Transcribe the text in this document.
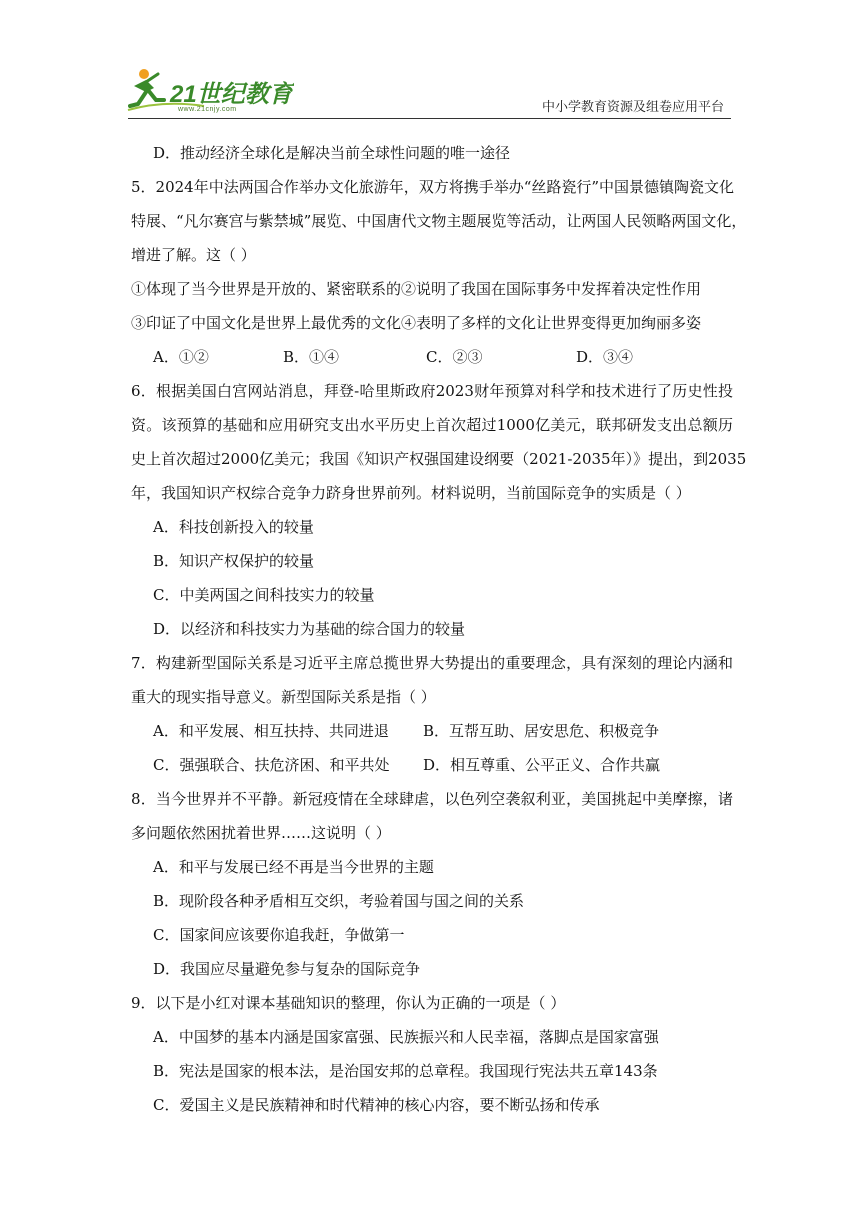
21世纪教育
www.21cnjy.com	中小学教育资源及组卷应用平台
D．推动经济全球化是解决当前全球性问题的唯一途径
5．2024年中法两国合作举办文化旅游年，双方将携手举办“丝路瓷行”中国景德镇陶瓷文化
特展、“凡尔赛宫与紫禁城”展览、中国唐代文物主题展览等活动，让两国人民领略两国文化，
增进了解。这（ ）
①体现了当今世界是开放的、紧密联系的②说明了我国在国际事务中发挥着决定性作用
③印证了中国文化是世界上最优秀的文化④表明了多样的文化让世界变得更加绚丽多姿
A．①②	B．①④	C．②③	D．③④
6．根据美国白宫网站消息，拜登-哈里斯政府2023财年预算对科学和技术进行了历史性投
资。该预算的基础和应用研究支出水平历史上首次超过1000亿美元，联邦研发支出总额历
史上首次超过2000亿美元；我国《知识产权强国建设纲要（2021-2035年）》提出，到2035
年，我国知识产权综合竞争力跻身世界前列。材料说明，当前国际竞争的实质是（ ）
A．科技创新投入的较量
B．知识产权保护的较量
C．中美两国之间科技实力的较量
D．以经济和科技实力为基础的综合国力的较量
7．构建新型国际关系是习近平主席总揽世界大势提出的重要理念，具有深刻的理论内涵和
重大的现实指导意义。新型国际关系是指（ ）
A．和平发展、相互扶持、共同进退 B．互帮互助、居安思危、积极竞争
C．强强联合、扶危济困、和平共处 D．相互尊重、公平正义、合作共赢
8．当今世界并不平静。新冠疫情在全球肆虐，以色列空袭叙利亚，美国挑起中美摩擦，诸
多问题依然困扰着世界……这说明（ ）
A．和平与发展已经不再是当今世界的主题
B．现阶段各种矛盾相互交织，考验着国与国之间的关系
C．国家间应该要你追我赶，争做第一
D．我国应尽量避免参与复杂的国际竞争
9．以下是小红对课本基础知识的整理，你认为正确的一项是（ ）
A．中国梦的基本内涵是国家富强、民族振兴和人民幸福，落脚点是国家富强
B．宪法是国家的根本法，是治国安邦的总章程。我国现行宪法共五章143条
C．爱国主义是民族精神和时代精神的核心内容，要不断弘扬和传承
